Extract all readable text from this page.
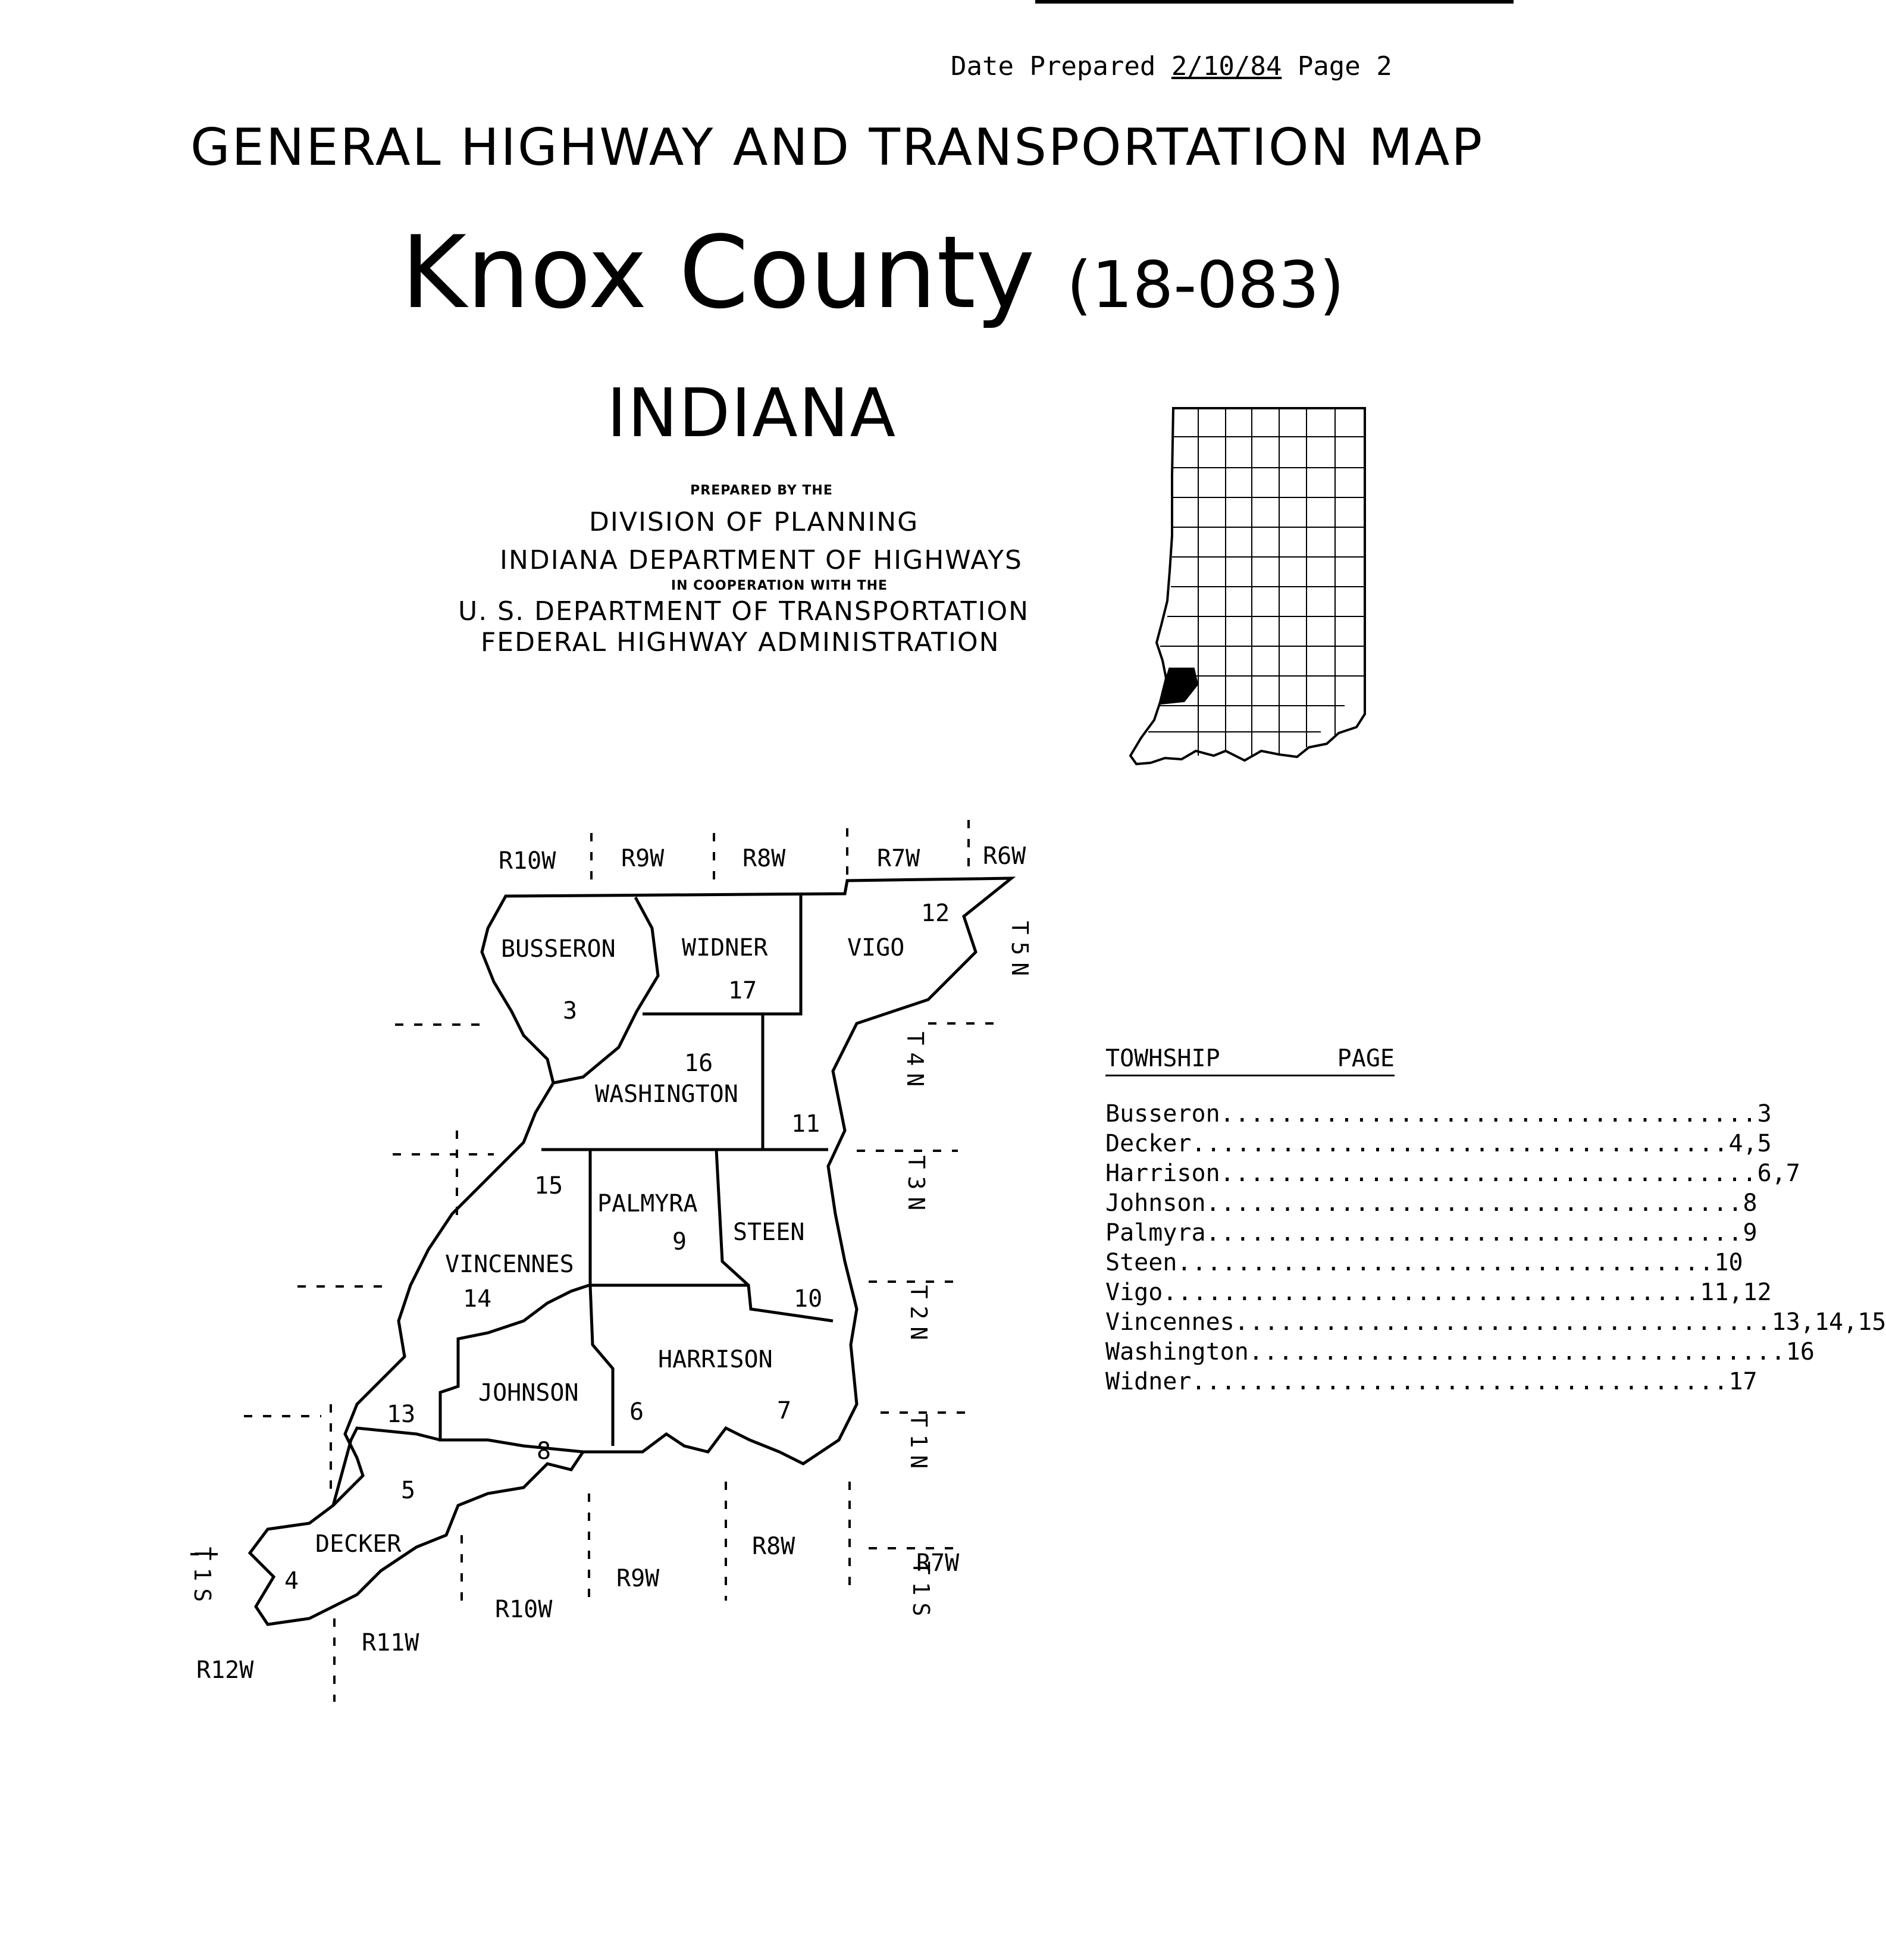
Date Prepared 2/10/84 Page 2
GENERAL HIGHWAY AND TRANSPORTATION MAP
Knox County (18-083)
INDIANA
PREPARED BY THE
DIVISION OF PLANNING
INDIANA DEPARTMENT OF HIGHWAYS
IN COOPERATION WITH THE
U. S. DEPARTMENT OF TRANSPORTATION
FEDERAL HIGHWAY ADMINISTRATION
R10W	R9W	R8W	R7W	R6W
R12W
R11W
R10W
R9W
R8W
R7W
T5N
T4N
T3N
T2N
T1N
T1S	T1S
BUSSERON
3
WIDNER
17
VIGO
12
11
WASHINGTON
16
PALMYRA
9 STEEN
10
VINCENNES
15
14
13
JOHNSON
8
HARRISON
6	7
DECKER
5
4
TOWHSHIP	PAGE
Busseron .................................... 3
Decker .................................... 4,5
Harrison .................................... 6,7
Johnson .................................... 8
Palmyra .................................... 9
Steen .................................... 10
Vigo .................................... 11,12
Vincennes .................................... 13,14,15
Washington .................................... 16
Widner .................................... 17
